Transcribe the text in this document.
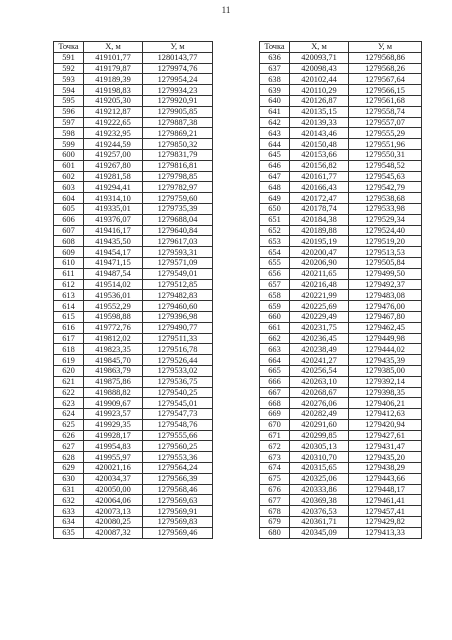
11
Точка	X, м	У, м
591	419101,77	1280143,77
592	419179,87	1279974,76
593	419189,39	1279954,24
594	419198,83	1279934,23
595	419205,30	1279920,91
596	419212,87	1279905,85
597	419222,65	1279887,38
598	419232,95	1279869,21
599	419244,59	1279850,32
600	419257,00	1279831,79
601	419267,80	1279816,81
602	419281,58	1279798,85
603	419294,41	1279782,97
604	419314,10	1279759,60
605	419335,01	1279735,39
606	419376,07	1279688,04
607	419416,17	1279640,84
608	419435,50	1279617,03
609	419454,17	1279593,31
610	419471,15	1279571,09
611	419487,54	1279549,01
612	419514,02	1279512,85
613	419536,01	1279482,83
614	419552,29	1279460,60
615	419598,88	1279396,98
616	419772,76	1279490,77
617	419812,02	1279511,33
618	419823,35	1279516,78
619	419845,70	1279526,44
620	419863,79	1279533,02
621	419875,86	1279536,75
622	419888,82	1279540,25
623	419909,67	1279545,01
624	419923,57	1279547,73
625	419929,35	1279548,76
626	419928,17	1279555,66
627	419954,83	1279560,25
628	419955,97	1279553,36
629	420021,16	1279564,24
630	420034,37	1279566,39
631	420050,00	1279568,46
632	420064,06	1279569,63
633	420073,13	1279569,91
634	420080,25	1279569,83
635	420087,32	1279569,46
Точка	X, м	У, м
636	420093,71	1279568,86
637	420098,43	1279568,26
638	420102,44	1279567,64
639	420110,29	1279566,15
640	420126,87	1279561,68
641	420135,15	1279558,74
642	420139,33	1279557,07
643	420143,46	1279555,29
644	420150,48	1279551,96
645	420153,66	1279550,31
646	420156,82	1279548,52
647	420161,77	1279545,63
648	420166,43	1279542,79
649	420172,47	1279538,68
650	420178,74	1279533,98
651	420184,38	1279529,34
652	420189,88	1279524,40
653	420195,19	1279519,20
654	420200,47	1279513,53
655	420206,90	1279505,84
656	420211,65	1279499,50
657	420216,48	1279492,37
658	420221,99	1279483,08
659	420225,69	1279476,00
660	420229,49	1279467,80
661	420231,75	1279462,45
662	420236,45	1279449,98
663	420238,49	1279444,02
664	420241,27	1279435,39
665	420256,54	1279385,00
666	420263,10	1279392,14
667	420268,67	1279398,35
668	420276,06	1279406,21
669	420282,49	1279412,63
670	420291,60	1279420,94
671	420299,85	1279427,61
672	420305,13	1279431,47
673	420310,70	1279435,20
674	420315,65	1279438,29
675	420325,06	1279443,66
676	420333,86	1279448,17
677	420369,38	1279461,41
678	420376,53	1279457,41
679	420361,71	1279429,82
680	420345,09	1279413,33
